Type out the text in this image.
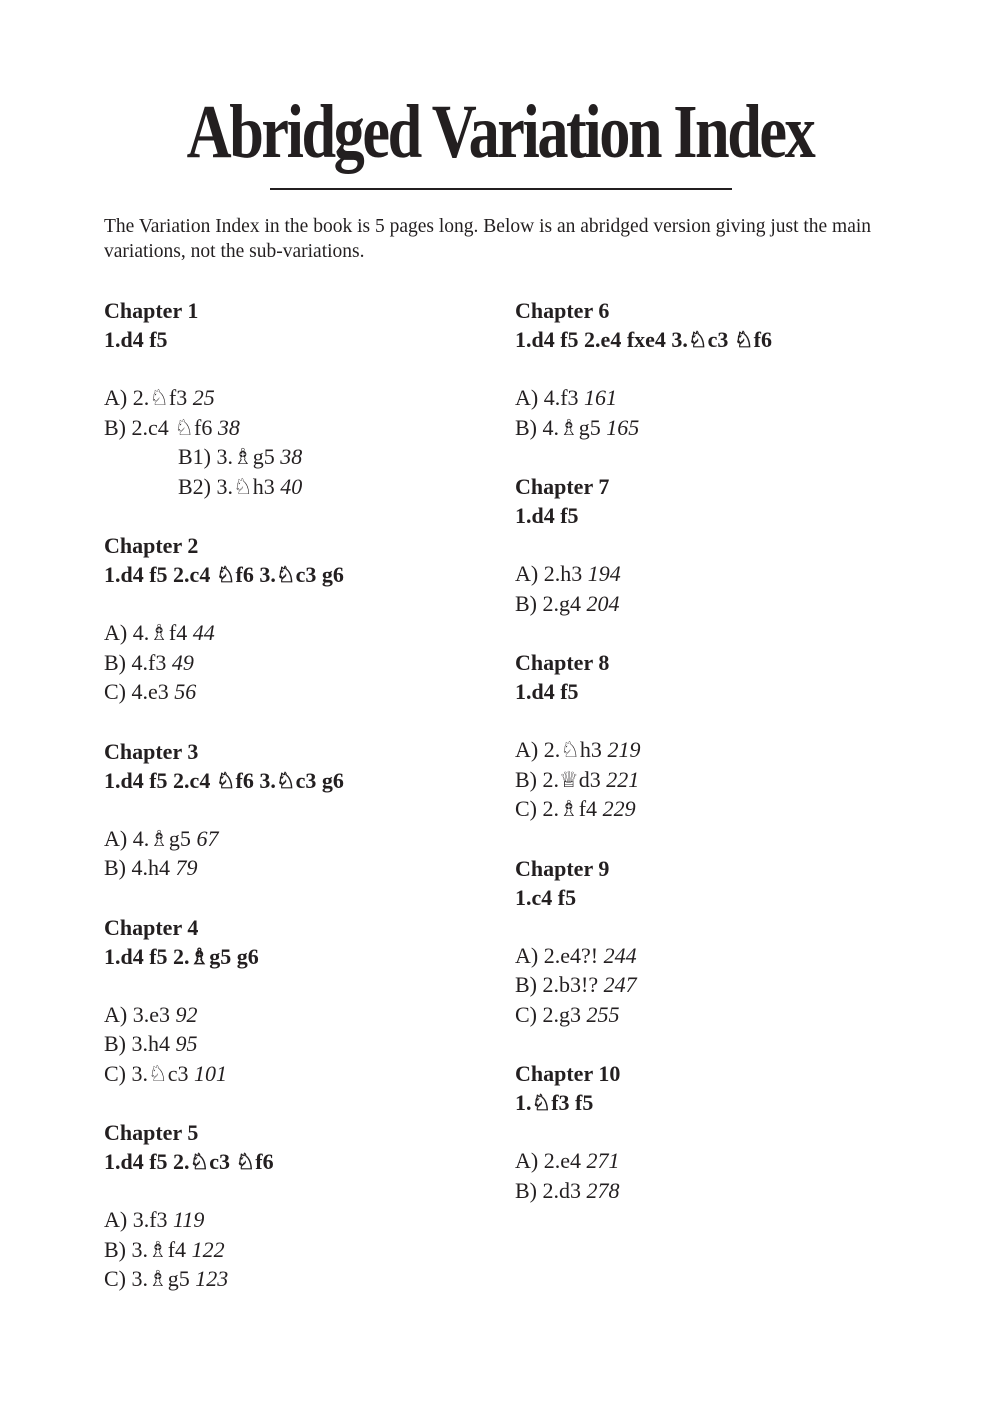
Abridged Variation Index

The Variation Index in the book is 5 pages long. Below is an abridged version giving just the main variations, not the sub-variations.

Chapter 1

1.d4 f5

A) 2.♘f3 25

B) 2.c4 ♘f6 38

B1) 3.♗g5 38

B2) 3.♘h3 40

Chapter 2

1.d4 f5 2.c4 ♘f6 3.♘c3 g6

A) 4.♗f4 44

B) 4.f3 49

C) 4.e3 56

Chapter 3

1.d4 f5 2.c4 ♘f6 3.♘c3 g6

A) 4.♗g5 67

B) 4.h4 79

Chapter 4

1.d4 f5 2.♗g5 g6

A) 3.e3 92

B) 3.h4 95

C) 3.♘c3 101

Chapter 5

1.d4 f5 2.♘c3 ♘f6

A) 3.f3 119

B) 3.♗f4 122

C) 3.♗g5 123

Chapter 6

1.d4 f5 2.e4 fxe4 3.♘c3 ♘f6

A) 4.f3 161

B) 4.♗g5 165

Chapter 7

1.d4 f5

A) 2.h3 194

B) 2.g4 204

Chapter 8

1.d4 f5

A) 2.♘h3 219

B) 2.♕d3 221

C) 2.♗f4 229

Chapter 9

1.c4 f5

A) 2.e4?! 244

B) 2.b3!? 247

C) 2.g3 255

Chapter 10

1.♘f3 f5

A) 2.e4 271

B) 2.d3 278
